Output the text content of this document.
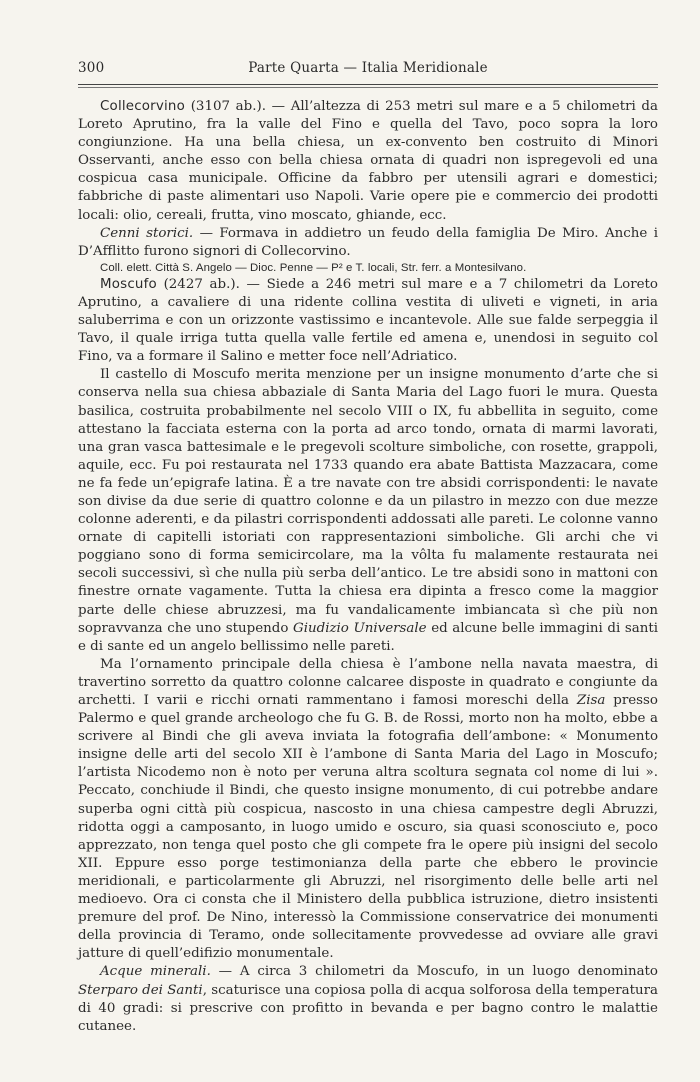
300	Parte Quarta — Italia Meridionale

Collecorvino (3107 ab.). — All’altezza di 253 metri sul mare e a 5 chilometri da Loreto Aprutino, fra la valle del Fino e quella del Tavo, poco sopra la loro congiunzione. Ha una bella chiesa, un ex-convento ben costruito di Minori Osservanti, anche esso con bella chiesa ornata di quadri non ispregevoli ed una cospicua casa municipale. Officine da fabbro per utensili agrari e domestici; fabbriche di paste alimentari uso Napoli. Varie opere pie e commercio dei prodotti locali: olio, cereali, frutta, vino moscato, ghiande, ecc.

Cenni storici. — Formava in addietro un feudo della famiglia De Miro. Anche i D’Afflitto furono signori di Collecorvino.

Coll. elett. Città S. Angelo — Dioc. Penne — P² e T. locali, Str. ferr. a Montesilvano.

Moscufo (2427 ab.). — Siede a 246 metri sul mare e a 7 chilometri da Loreto Aprutino, a cavaliere di una ridente collina vestita di uliveti e vigneti, in aria saluberrima e con un orizzonte vastissimo e incantevole. Alle sue falde serpeggia il Tavo, il quale irriga tutta quella valle fertile ed amena e, unendosi in seguito col Fino, va a formare il Salino e metter foce nell’Adriatico.

Il castello di Moscufo merita menzione per un insigne monumento d’arte che si conserva nella sua chiesa abbaziale di Santa Maria del Lago fuori le mura. Questa basilica, costruita probabilmente nel secolo VIII o IX, fu abbellita in seguito, come attestano la facciata esterna con la porta ad arco tondo, ornata di marmi lavorati, una gran vasca battesimale e le pregevoli scolture simboliche, con rosette, grappoli, aquile, ecc. Fu poi restaurata nel 1733 quando era abate Battista Mazzacara, come ne fa fede un’epigrafe latina. È a tre navate con tre absidi corrispondenti: le navate son divise da due serie di quattro colonne e da un pilastro in mezzo con due mezze colonne aderenti, e da pilastri corrispondenti addossati alle pareti. Le colonne vanno ornate di capitelli istoriati con rappresentazioni simboliche. Gli archi che vi poggiano sono di forma semicircolare, ma la vôlta fu malamente restaurata nei secoli successivi, sì che nulla più serba dell’antico. Le tre absidi sono in mattoni con finestre ornate vagamente. Tutta la chiesa era dipinta a fresco come la maggior parte delle chiese abruzzesi, ma fu vandalicamente imbiancata sì che più non sopravvanza che uno stupendo Giudizio Universale ed alcune belle immagini di santi e di sante ed un angelo bellissimo nelle pareti.

Ma l’ornamento principale della chiesa è l’ambone nella navata maestra, di travertino sorretto da quattro colonne calcaree disposte in quadrato e congiunte da archetti. I varii e ricchi ornati rammentano i famosi moreschi della Zisa presso Palermo e quel grande archeologo che fu G. B. de Rossi, morto non ha molto, ebbe a scrivere al Bindi che gli aveva inviata la fotografia dell’ambone: « Monumento insigne delle arti del secolo XII è l’ambone di Santa Maria del Lago in Moscufo; l’artista Nicodemo non è noto per veruna altra scoltura segnata col nome di lui ». Peccato, conchiude il Bindi, che questo insigne monumento, di cui potrebbe andare superba ogni città più cospicua, nascosto in una chiesa campestre degli Abruzzi, ridotta oggi a camposanto, in luogo umido e oscuro, sia quasi sconosciuto e, poco apprezzato, non tenga quel posto che gli compete fra le opere più insigni del secolo XII. Eppure esso porge testimonianza della parte che ebbero le provincie meridionali, e particolarmente gli Abruzzi, nel risorgimento delle belle arti nel medioevo. Ora ci consta che il Ministero della pubblica istruzione, dietro insistenti premure del prof. De Nino, interessò la Commissione conservatrice dei monumenti della provincia di Teramo, onde sollecitamente provvedesse ad ovviare alle gravi jatture di quell’edifizio monumentale.

Acque minerali. — A circa 3 chilometri da Moscufo, in un luogo denominato Sterparo dei Santi, scaturisce una copiosa polla di acqua solforosa della temperatura di 40 gradi: si prescrive con profitto in bevanda e per bagno contro le malattie cutanee.
